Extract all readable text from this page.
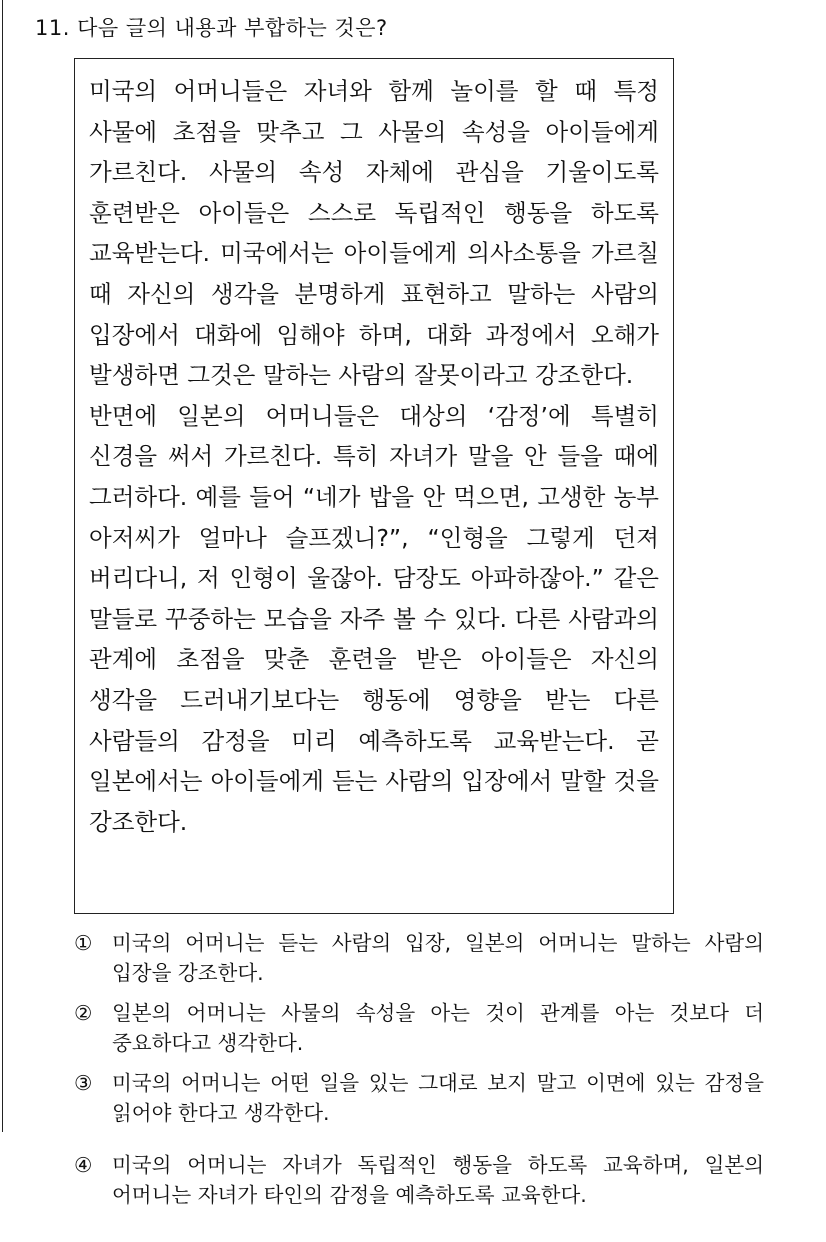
11. 다음 글의 내용과 부합하는 것은?

미국의 어머니들은 자녀와 함께 놀이를 할 때 특정 사물에 초점을 맞추고 그 사물의 속성을 아이들에게 가르친다. 사물의 속성 자체에 관심을 기울이도록 훈련받은 아이들은 스스로 독립적인 행동을 하도록 교육받는다. 미국에서는 아이들에게 의사소통을 가르칠 때 자신의 생각을 분명하게 표현하고 말하는 사람의 입장에서 대화에 임해야 하며, 대화 과정에서 오해가 발생하면 그것은 말하는 사람의 잘못이라고 강조한다.

반면에 일본의 어머니들은 대상의 ‘감정’에 특별히 신경을 써서 가르친다. 특히 자녀가 말을 안 들을 때에 그러하다. 예를 들어 “네가 밥을 안 먹으면, 고생한 농부 아저씨가 얼마나 슬프겠니?”, “인형을 그렇게 던져 버리다니, 저 인형이 울잖아. 담장도 아파하잖아.” 같은 말들로 꾸중하는 모습을 자주 볼 수 있다. 다른 사람과의 관계에 초점을 맞춘 훈련을 받은 아이들은 자신의 생각을 드러내기보다는 행동에 영향을 받는 다른 사람들의 감정을 미리 예측하도록 교육받는다. 곧 일본에서는 아이들에게 듣는 사람의 입장에서 말할 것을 강조한다.

① 미국의 어머니는 듣는 사람의 입장, 일본의 어머니는 말하는 사람의 입장을 강조한다.
② 일본의 어머니는 사물의 속성을 아는 것이 관계를 아는 것보다 더 중요하다고 생각한다.
③ 미국의 어머니는 어떤 일을 있는 그대로 보지 말고 이면에 있는 감정을 읽어야 한다고 생각한다.
④ 미국의 어머니는 자녀가 독립적인 행동을 하도록 교육하며, 일본의 어머니는 자녀가 타인의 감정을 예측하도록 교육한다.
